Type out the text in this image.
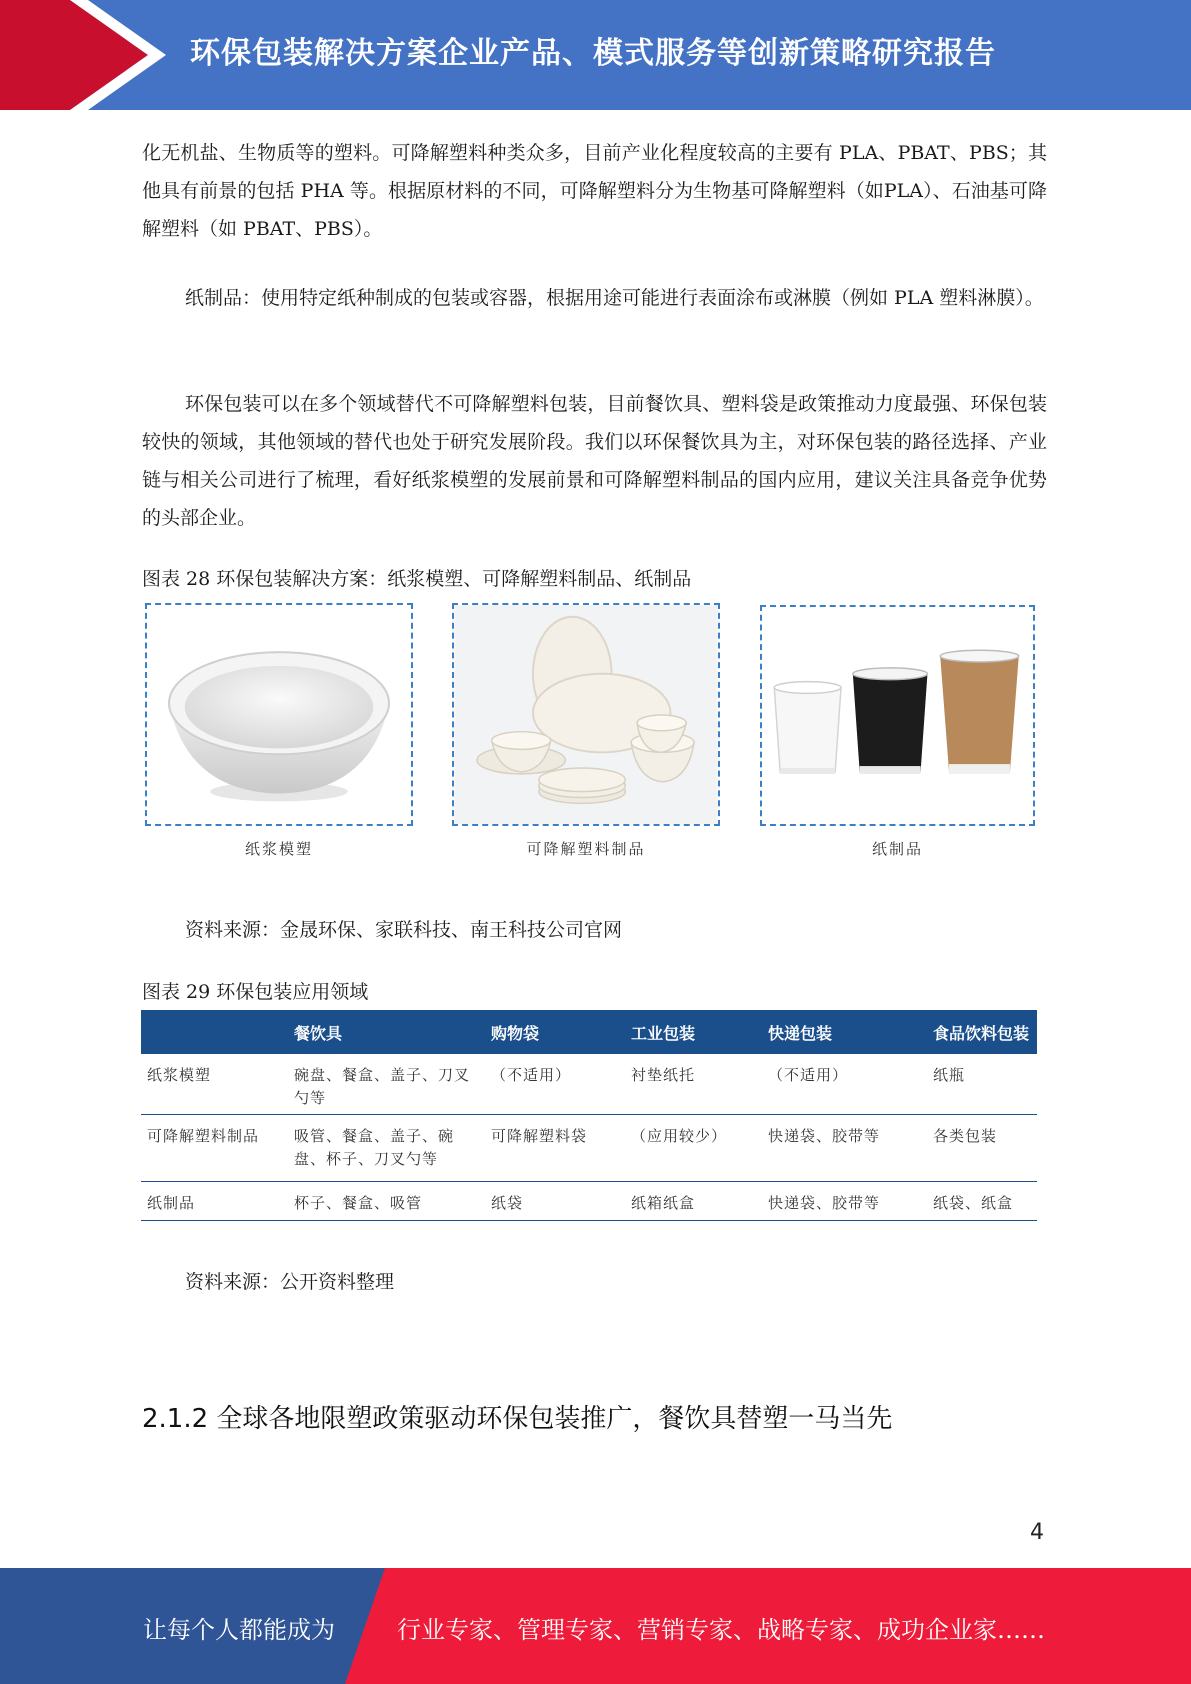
环保包装解决方案企业产品、模式服务等创新策略研究报告

化无机盐、生物质等的塑料。可降解塑料种类众多，目前产业化程度较高的主要有 PLA、PBAT、PBS；其他具有前景的包括 PHA 等。根据原材料的不同，可降解塑料分为生物基可降解塑料（如PLA）、石油基可降解塑料（如 PBAT、PBS）。

纸制品：使用特定纸种制成的包装或容器，根据用途可能进行表面涂布或淋膜（例如 PLA 塑料淋膜）。

环保包装可以在多个领域替代不可降解塑料包装，目前餐饮具、塑料袋是政策推动力度最强、环保包装较快的领域，其他领域的替代也处于研究发展阶段。我们以环保餐饮具为主，对环保包装的路径选择、产业链与相关公司进行了梳理，看好纸浆模塑的发展前景和可降解塑料制品的国内应用，建议关注具备竞争优势的头部企业。

图表 28 环保包装解决方案：纸浆模塑、可降解塑料制品、纸制品
纸浆模塑	可降解塑料制品	纸制品
资料来源：金晟环保、家联科技、南王科技公司官网
图表 29 环保包装应用领域
	餐饮具	购物袋	工业包装	快递包装	食品饮料包装
纸浆模塑	碗盘、餐盒、盖子、刀叉勺等	（不适用）	衬垫纸托	（不适用）	纸瓶
可降解塑料制品	吸管、餐盒、盖子、碗盘、杯子、刀叉勺等	可降解塑料袋	（应用较少）	快递袋、胶带等	各类包装
纸制品	杯子、餐盒、吸管	纸袋	纸箱纸盒	快递袋、胶带等	纸袋、纸盒
资料来源：公开资料整理
2.1.2 全球各地限塑政策驱动环保包装推广，餐饮具替塑一马当先
4
让每个人都能成为	行业专家、管理专家、营销专家、战略专家、成功企业家……
